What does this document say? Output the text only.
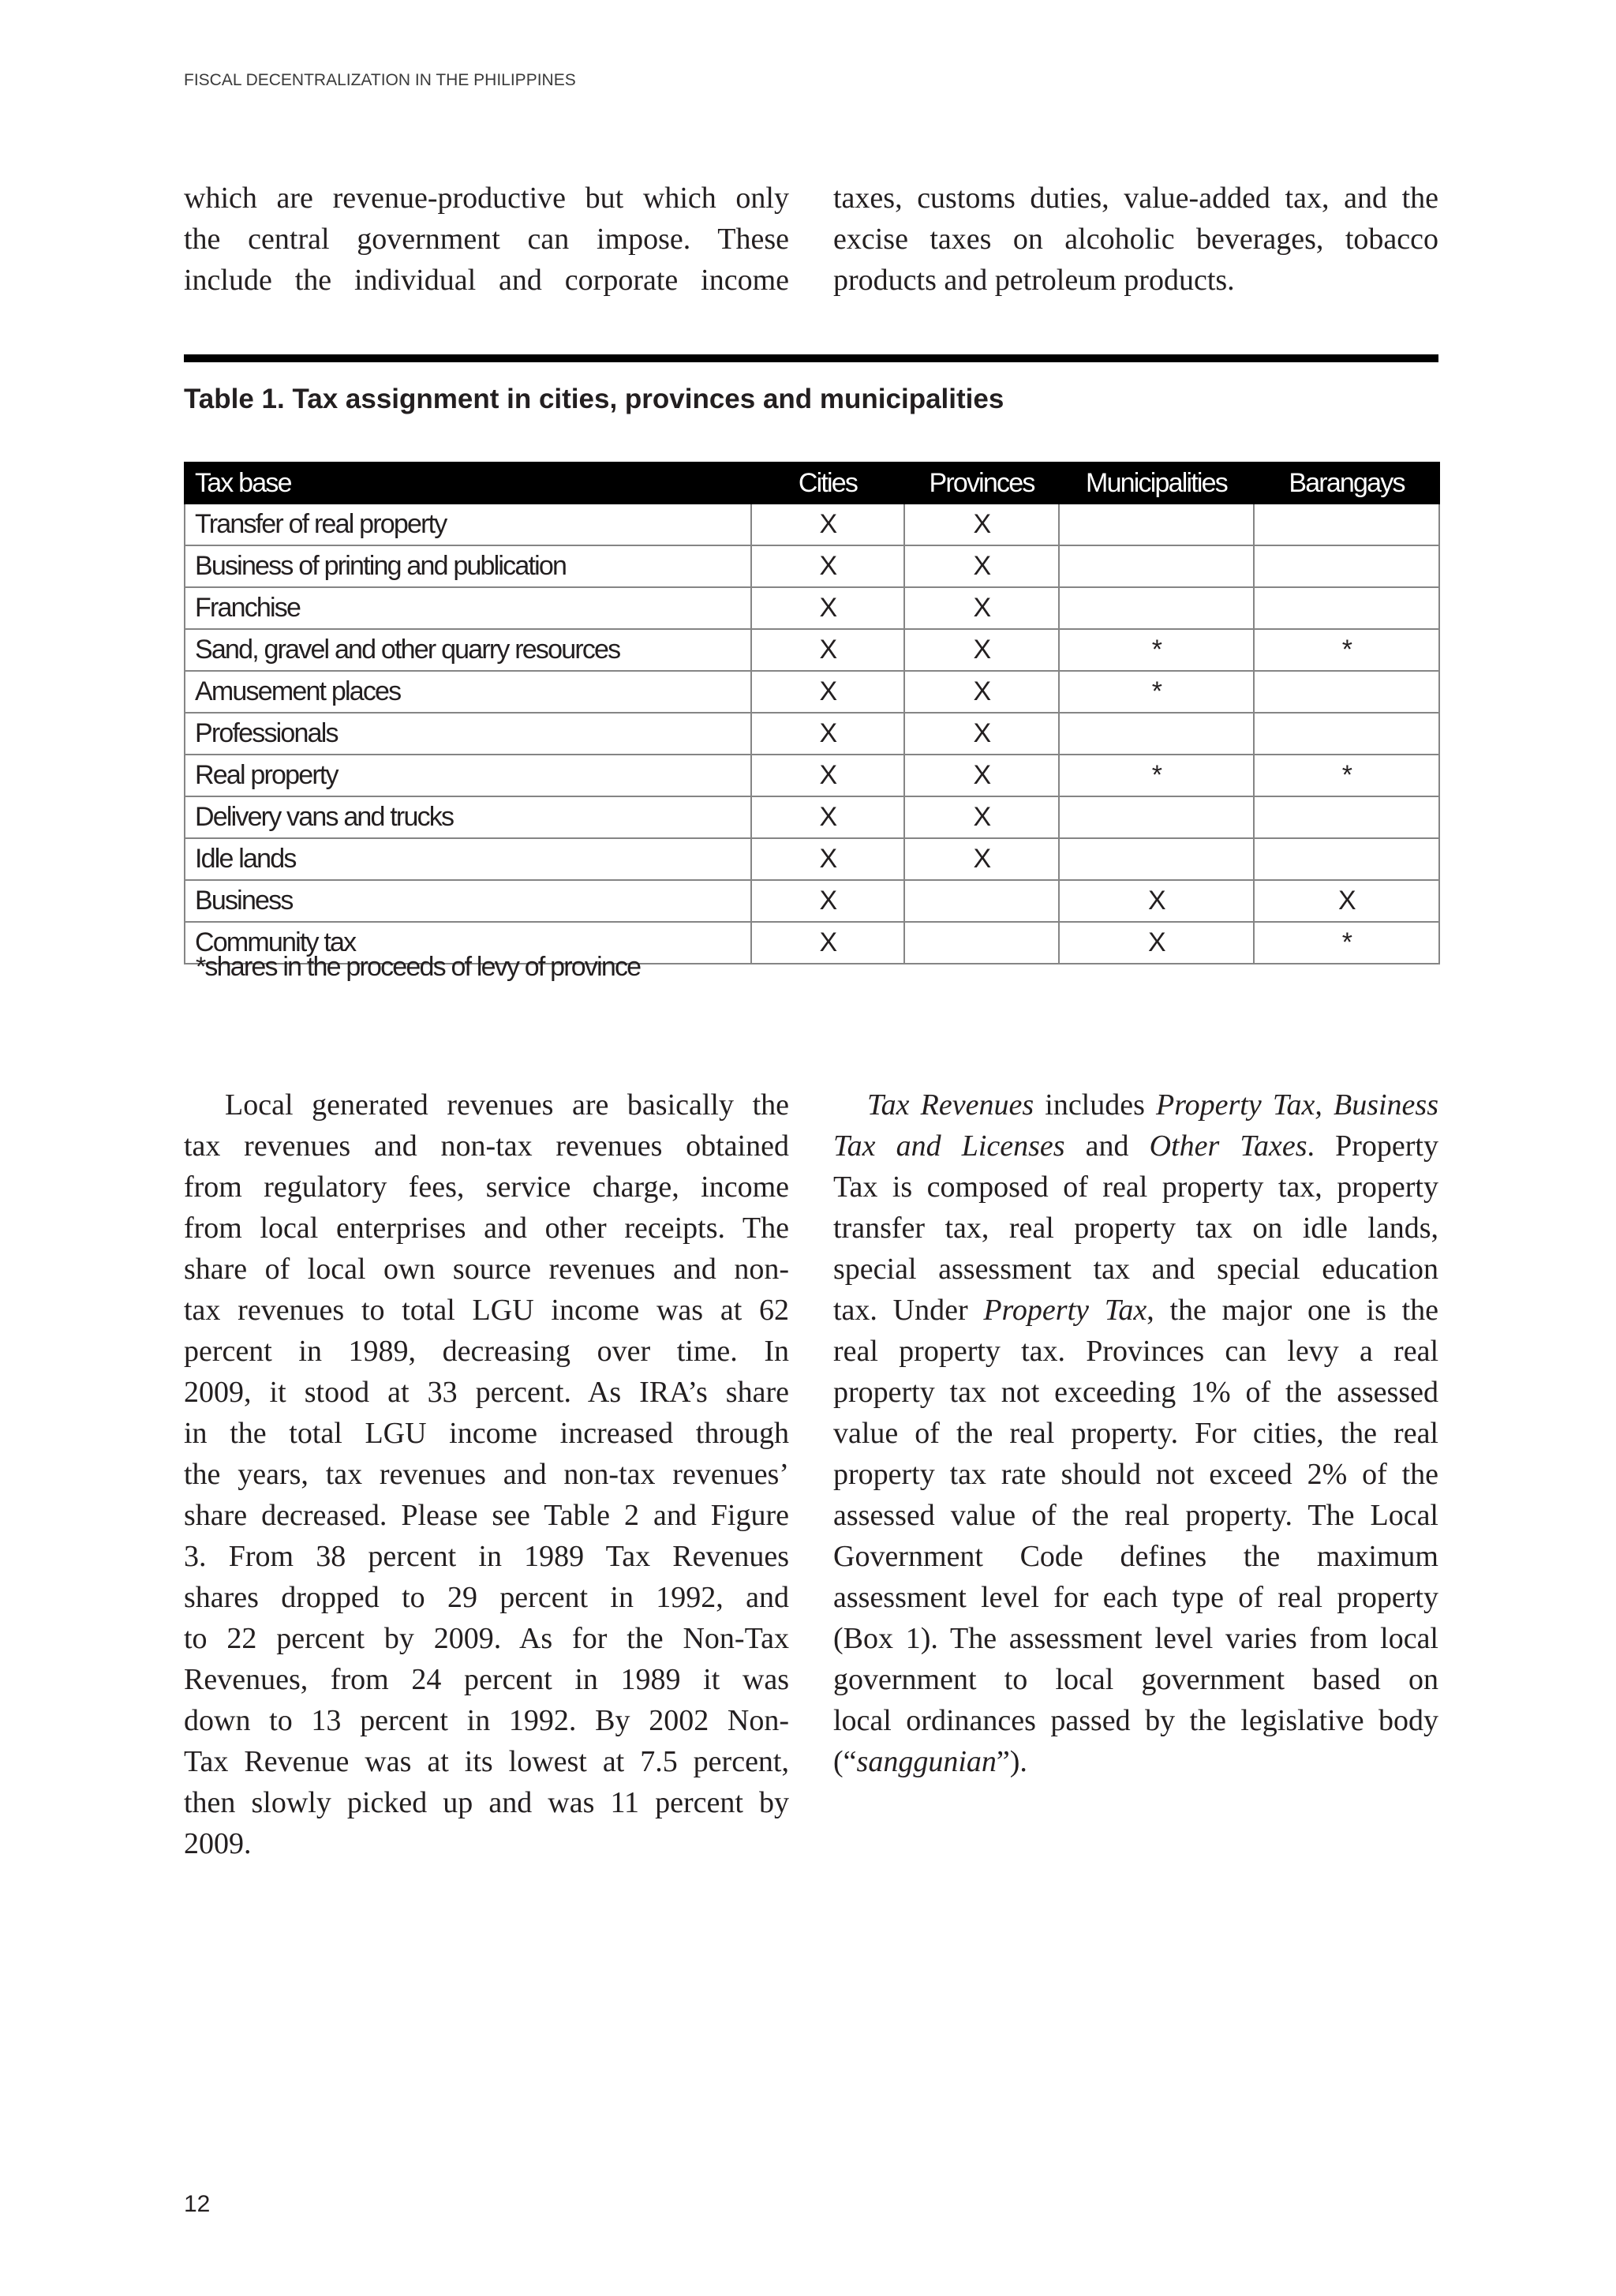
FISCAL DECENTRALIZATION IN THE PHILIPPINES
which are revenue-productive but which only
the central government can impose. These
include the individual and corporate income
taxes, customs duties, value-added tax, and the
excise taxes on alcoholic beverages, tobacco
products and petroleum products.
Table 1. Tax assignment in cities, provinces and municipalities
Tax base	Cities	Provinces	Municipalities	Barangays
Transfer of real property	X	X		
Business of printing and publication	X	X		
Franchise	X	X		
Sand, gravel and other quarry resources	X	X	*	*
Amusement places	X	X	*	
Professionals	X	X		
Real property	X	X	*	*
Delivery vans and trucks	X	X		
Idle lands	X	X		
Business	X		X	X
Community tax	X		X	*
*shares in the proceeds of levy of province
Local generated revenues are basically the
tax revenues and non-tax revenues obtained
from regulatory fees, service charge, income
from local enterprises and other receipts. The
share of local own source revenues and non-
tax revenues to total LGU income was at 62
percent in 1989, decreasing over time. In
2009, it stood at 33 percent. As IRA’s share
in the total LGU income increased through
the years, tax revenues and non-tax revenues’
share decreased. Please see Table 2 and Figure
3. From 38 percent in 1989 Tax Revenues
shares dropped to 29 percent in 1992, and
to 22 percent by 2009. As for the Non-Tax
Revenues, from 24 percent in 1989 it was
down to 13 percent in 1992. By 2002 Non-
Tax Revenue was at its lowest at 7.5 percent,
then slowly picked up and was 11 percent by
2009.
Tax Revenues includes Property Tax, Business
Tax and Licenses and Other Taxes. Property
Tax is composed of real property tax, property
transfer tax, real property tax on idle lands,
special assessment tax and special education
tax. Under Property Tax, the major one is the
real property tax. Provinces can levy a real
property tax not exceeding 1% of the assessed
value of the real property. For cities, the real
property tax rate should not exceed 2% of the
assessed value of the real property. The Local
Government Code defines the maximum
assessment level for each type of real property
(Box 1). The assessment level varies from local
government to local government based on
local ordinances passed by the legislative body
(“sanggunian”).
12
